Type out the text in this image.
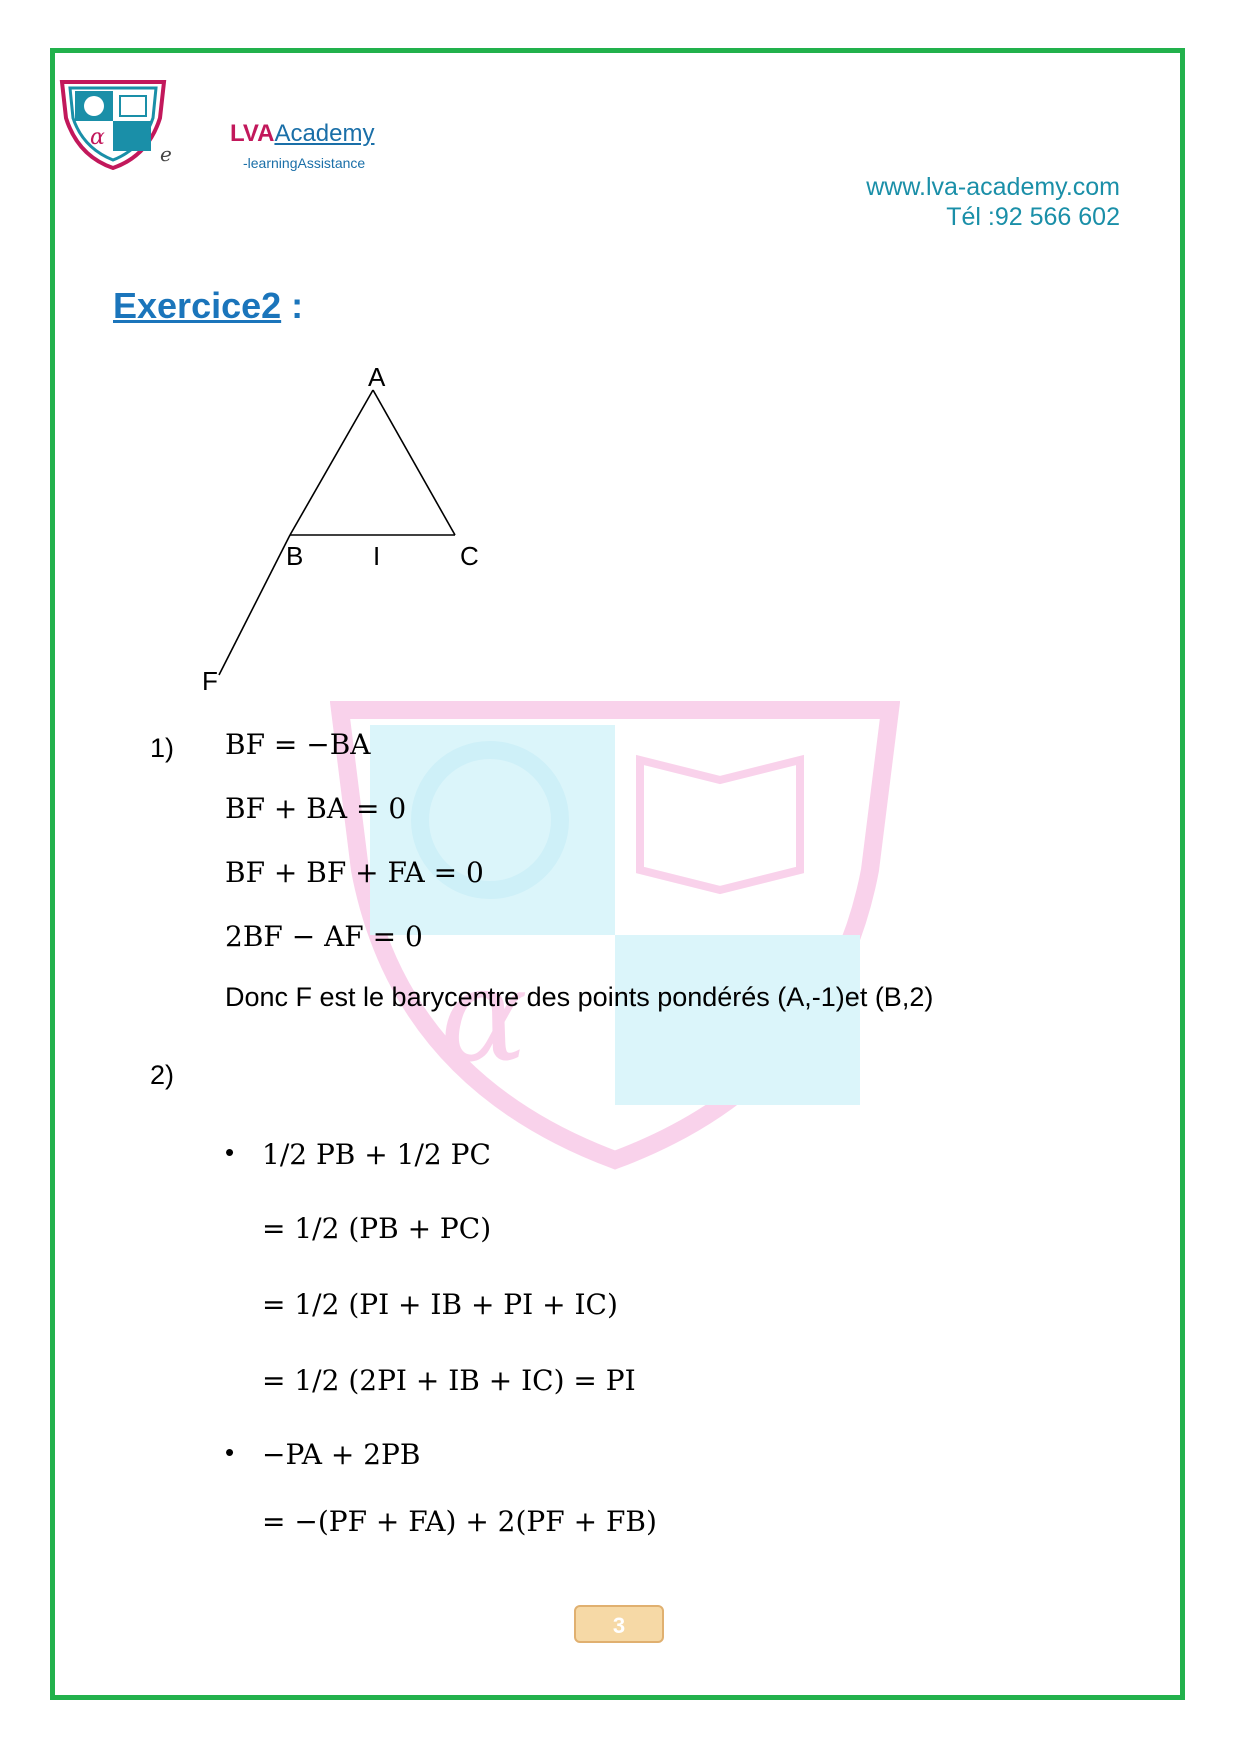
α
e
LVAAcademy
-learningAssistance
www.lva-academy.com
Tél :92 566 602
Exercice2 :
α
A
B	I	C
F
1) BF = −BA
BF + BA = 0
BF + BF + FA = 0
2BF − AF = 0
Donc F est le barycentre des points pondérés (A,-1)et (B,2)
2)
• 1/2 PB + 1/2 PC
= 1/2 (PB + PC)
= 1/2 (PI + IB + PI + IC)
= 1/2 (2PI + IB + IC) = PI
• −PA + 2PB
= −(PF + FA) + 2(PF + FB)
3
